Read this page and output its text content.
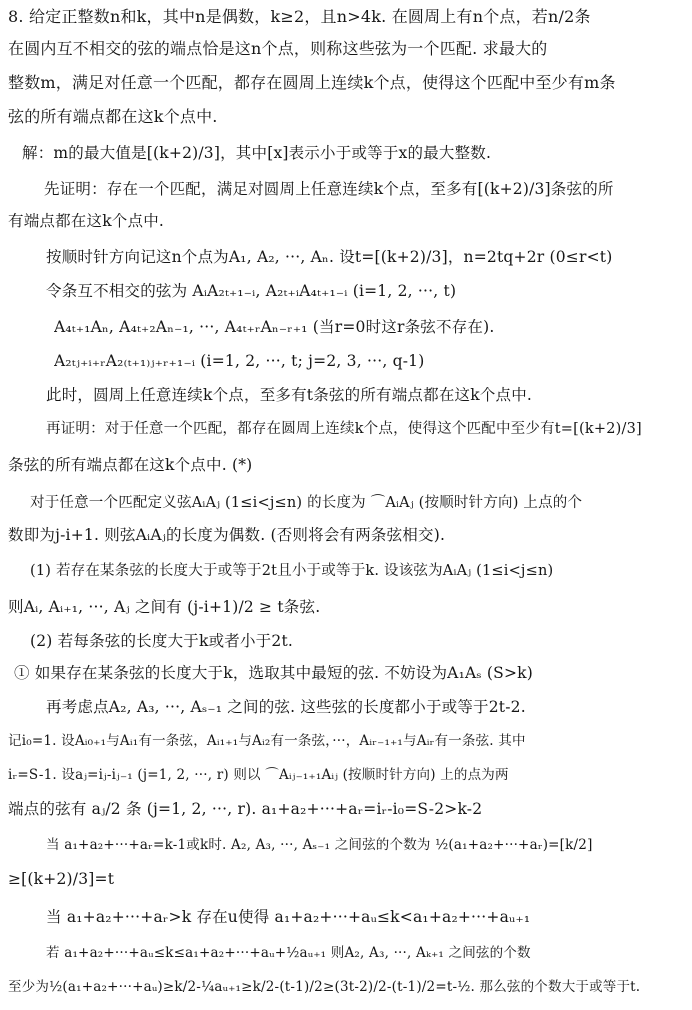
8. 给定正整数n和k，其中n是偶数，k≥2，且n>4k. 在圆周上有n个点，若n/2条
在圆内互不相交的弦的端点恰是这n个点，则称这些弦为一个匹配. 求最大的
整数m，满足对任意一个匹配，都存在圆周上连续k个点，使得这个匹配中至少有m条
弦的所有端点都在这k个点中.
解：m的最大值是[(k+2)/3]，其中[x]表示小于或等于x的最大整数.
先证明：存在一个匹配，满足对圆周上任意连续k个点，至多有[(k+2)/3]条弦的所
有端点都在这k个点中.
按顺时针方向记这n个点为A₁, A₂, ···, Aₙ. 设t=[(k+2)/3]，n=2tq+2r (0≤r<t)
令条互不相交的弦为 AᵢA₂ₜ₊₁₋ᵢ, A₂ₜ₊ᵢA₄ₜ₊₁₋ᵢ (i=1, 2, ···, t)
A₄ₜ₊₁Aₙ, A₄ₜ₊₂Aₙ₋₁, ···, A₄ₜ₊ᵣAₙ₋ᵣ₊₁ (当r=0时这r条弦不存在).
A₂ₜⱼ₊ᵢ₊ᵣA₂₍ₜ₊₁₎ⱼ₊ᵣ₊₁₋ᵢ (i=1, 2, ···, t; j=2, 3, ···, q-1)
此时，圆周上任意连续k个点，至多有t条弦的所有端点都在这k个点中.
再证明：对于任意一个匹配，都存在圆周上连续k个点，使得这个匹配中至少有t=[(k+2)/3]
条弦的所有端点都在这k个点中. (*)
对于任意一个匹配定义弦AᵢAⱼ (1≤i<j≤n) 的长度为 ⌒AᵢAⱼ (按顺时针方向) 上点的个
数即为j-i+1. 则弦AᵢAⱼ的长度为偶数. (否则将会有两条弦相交).
(1) 若存在某条弦的长度大于或等于2t且小于或等于k. 设该弦为AᵢAⱼ (1≤i<j≤n)
则Aᵢ, Aᵢ₊₁, ···, Aⱼ 之间有 (j-i+1)/2 ≥ t条弦.
(2) 若每条弦的长度大于k或者小于2t.
① 如果存在某条弦的长度大于k，选取其中最短的弦. 不妨设为A₁Aₛ (S>k)
再考虑点A₂, A₃, ···, Aₛ₋₁ 之间的弦. 这些弦的长度都小于或等于2t-2.
记i₀=1. 设Aᵢ₀₊₁与Aᵢ₁有一条弦，Aᵢ₁₊₁与Aᵢ₂有一条弦，···，Aᵢᵣ₋₁₊₁与Aᵢᵣ有一条弦. 其中
iᵣ=S-1. 设aⱼ=iⱼ-iⱼ₋₁ (j=1, 2, ···, r) 则以 ⌒Aᵢⱼ₋₁₊₁Aᵢⱼ (按顺时针方向) 上的点为两
端点的弦有 aⱼ/2 条 (j=1, 2, ···, r). a₁+a₂+···+aᵣ=iᵣ-i₀=S-2>k-2
当 a₁+a₂+···+aᵣ=k-1或k时. A₂, A₃, ···, Aₛ₋₁ 之间弦的个数为 ½(a₁+a₂+···+aᵣ)=[k/2]
≥[(k+2)/3]=t
当 a₁+a₂+···+aᵣ>k 存在u使得 a₁+a₂+···+aᵤ≤k<a₁+a₂+···+aᵤ₊₁
若 a₁+a₂+···+aᵤ≤k≤a₁+a₂+···+aᵤ+½aᵤ₊₁ 则A₂, A₃, ···, Aₖ₊₁ 之间弦的个数
至少为½(a₁+a₂+···+aᵤ)≥k/2-¼aᵤ₊₁≥k/2-(t-1)/2≥(3t-2)/2-(t-1)/2=t-½. 那么弦的个数大于或等于t.
